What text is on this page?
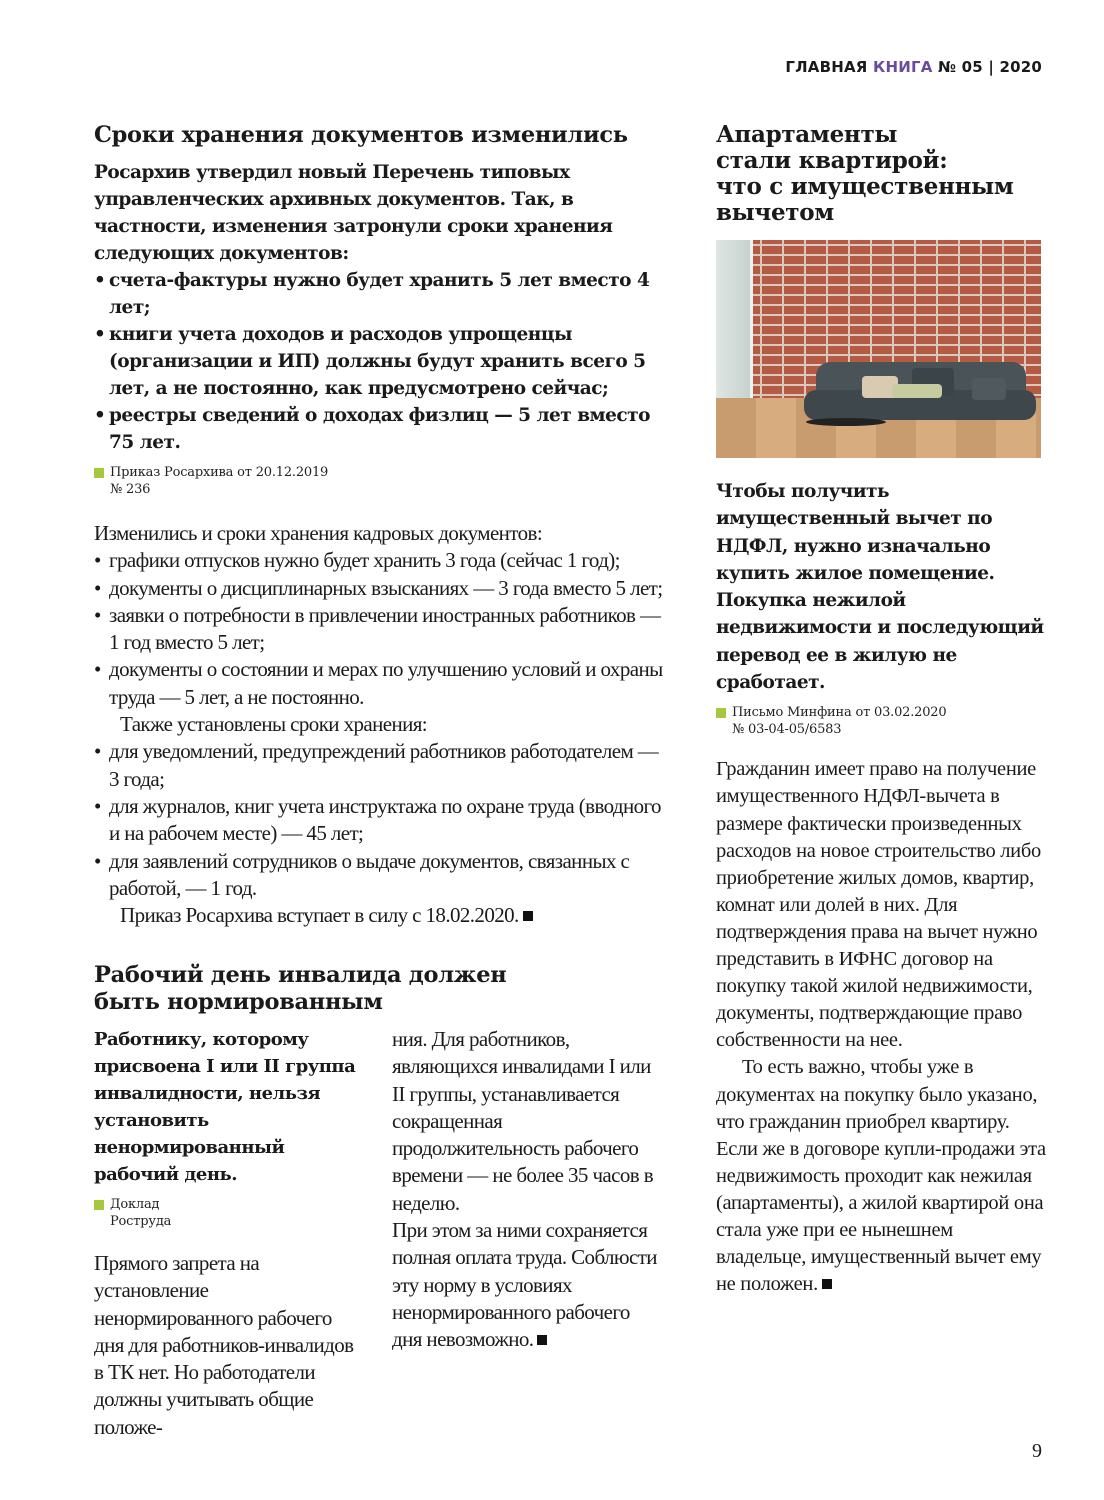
ГЛАВНАЯ КНИГА № 05 | 2020
Сроки хранения документов изменились

Росархив утвердил новый Перечень типовых управленческих архивных документов. Так, в частности, изменения затронули сроки хранения следующих документов:

• счета-фактуры нужно будет хранить 5 лет вместо 4 лет;
• книги учета доходов и расходов упрощенцы (организации и ИП) должны будут хранить всего 5 лет, а не постоянно, как предусмотрено сейчас;
• реестры сведений о доходах физлиц — 5 лет вместо 75 лет.
Приказ Росархива от 20.12.2019
№ 236

Изменились и сроки хранения кадровых документов:

• графики отпусков нужно будет хранить 3 года (сейчас 1 год);
• документы о дисциплинарных взысканиях — 3 года вместо 5 лет;
• заявки о потребности в привлечении иностранных работников — 1 год вместо 5 лет;
• документы о состоянии и мерах по улучшению условий и охраны труда — 5 лет, а не постоянно.

Также установлены сроки хранения:

• для уведомлений, предупреждений работников работодателем — 3 года;
• для журналов, книг учета инструктажа по охране труда (вводного и на рабочем месте) — 45 лет;
• для заявлений сотрудников о выдаче документов, связанных с работой, — 1 год.

Приказ Росархива вступает в силу с 18.02.2020.

Рабочий день инвалида должен
быть нормированным

Работнику, которому присвоена I или II группа инвалидности, нельзя установить ненормированный рабочий день.

Доклад
Роструда

Прямого запрета на установление ненормированного рабочего дня для работников-инвалидов в ТК нет. Но работодатели должны учитывать общие положе-

ния. Для работников, являющихся инвалидами I или II группы, устанавливается сокращенная продолжительность рабочего времени — не более 35 часов в неделю.

При этом за ними сохраняется полная оплата труда. Соблюсти эту норму в условиях ненормированного рабочего дня невозможно.

Апартаменты
стали квартирой:
что с имущественным
вычетом

Чтобы получить имущественный вычет по НДФЛ, нужно изначально купить жилое помещение. Покупка нежилой недвижимости и последующий перевод ее в жилую не сработает.

Письмо Минфина от 03.02.2020
№ 03-04-05/6583

Гражданин имеет право на получение имущественного НДФЛ-вычета в размере фактически произведенных расходов на новое строительство либо приобретение жилых домов, квартир, комнат или долей в них. Для подтверждения права на вычет нужно представить в ИФНС договор на покупку такой жилой недвижимости, документы, подтверждающие право собственности на нее.

То есть важно, чтобы уже в документах на покупку было указано, что гражданин приобрел квартиру. Если же в договоре купли-продажи эта недвижимость проходит как нежилая (апартаменты), а жилой квартирой она стала уже при ее нынешнем владельце, имущественный вычет ему не положен.

9
